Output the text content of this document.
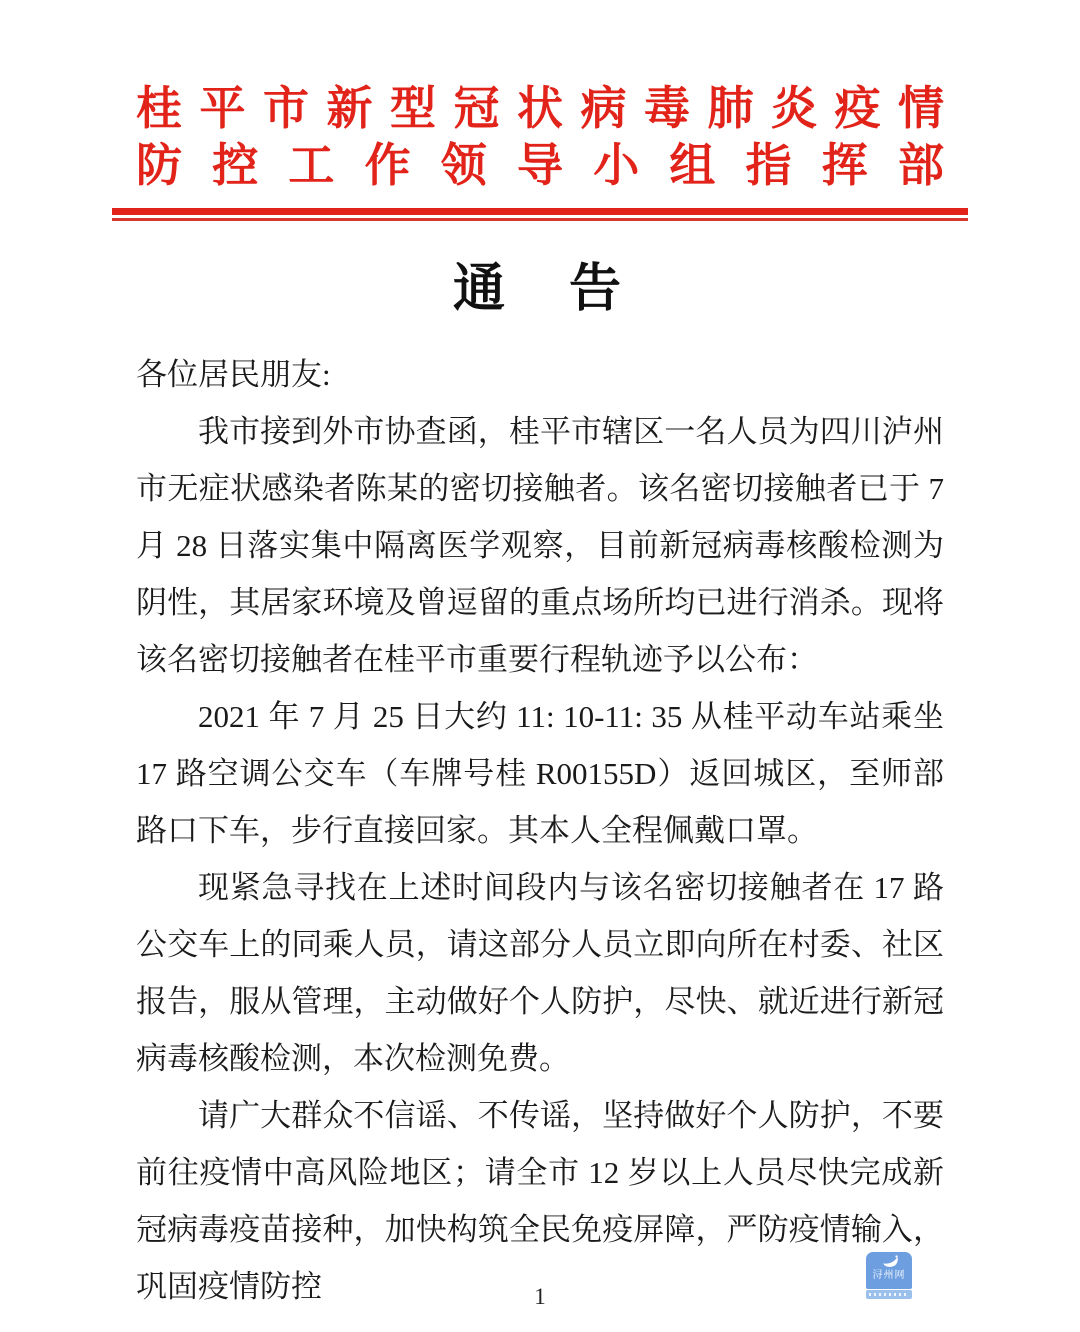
桂平市新型冠状病毒肺炎疫情
防控工作领导小组指挥部
通　告
各位居民朋友:

我市接到外市协查函，桂平市辖区一名人员为四川泸州市无症状感染者陈某的密切接触者。该名密切接触者已于 7 月 28 日落实集中隔离医学观察，目前新冠病毒核酸检测为阴性，其居家环境及曾逗留的重点场所均已进行消杀。现将该名密切接触者在桂平市重要行程轨迹予以公布：

2021 年 7 月 25 日大约 11: 10-11: 35 从桂平动车站乘坐 17 路空调公交车（车牌号桂 R00155D）返回城区，至师部路口下车，步行直接回家。其本人全程佩戴口罩。

现紧急寻找在上述时间段内与该名密切接触者在 17 路公交车上的同乘人员，请这部分人员立即向所在村委、社区报告，服从管理，主动做好个人防护，尽快、就近进行新冠病毒核酸检测，本次检测免费。

请广大群众不信谣、不传谣，坚持做好个人防护，不要前往疫情中高风险地区；请全市 12 岁以上人员尽快完成新冠病毒疫苗接种，加快构筑全民免疫屏障，严防疫情输入，巩固疫情防控	浔州网
1
